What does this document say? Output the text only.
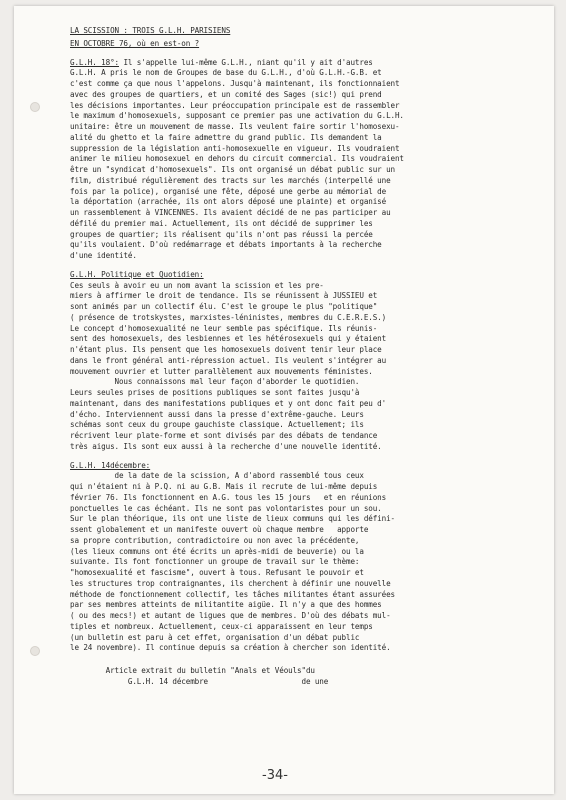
LA SCISSION : TROIS G.L.H. PARISIENS
EN OCTOBRE 76, où en est-on ?
G.L.H. 18°: Il s'appelle lui-même G.L.H., niant qu'il y ait d'autres
G.L.H. A pris le nom de Groupes de base du G.L.H., d'où G.L.H.-G.B. et
c'est comme ça que nous l'appelons. Jusqu'à maintenant, ils fonctionnaient
avec des groupes de quartiers, et un comité des Sages (sic!) qui prend
les décisions importantes. Leur préoccupation principale est de rassembler
le maximum d'homosexuels, supposant ce premier pas une activation du G.L.H.
unitaire: être un mouvement de masse. Ils veulent faire sortir l'homosexu-
alité du ghetto et la faire admettre du grand public. Ils demandent la
suppression de la législation anti-homosexuelle en vigueur. Ils voudraient
animer le milieu homosexuel en dehors du circuit commercial. Ils voudraient
être un "syndicat d'homosexuels". Ils ont organisé un débat public sur un
film, distribué régulièrement des tracts sur les marchés (interpellé une
fois par la police), organisé une fête, déposé une gerbe au mémorial de
la déportation (arrachée, ils ont alors déposé une plainte) et organisé
un rassemblement à VINCENNES. Ils avaient décidé de ne pas participer au
défilé du premier mai. Actuellement, ils ont décidé de supprimer les
groupes de quartier; ils réalisent qu'ils n'ont pas réussi la percée
qu'ils voulaient. D'où redémarrage et débats importants à la recherche
d'une identité.
G.L.H. Politique et Quotidien:
Ces seuls à avoir eu un nom avant la scission et les pre-
miers à affirmer le droit de tendance. Ils se réunissent à JUSSIEU et
sont animés par un collectif élu. C'est le groupe le plus "politique"
( présence de trotskystes, marxistes-léninistes, membres du C.E.R.E.S.)
Le concept d'homosexualité ne leur semble pas spécifique. Ils réunis-
sent des homosexuels, des lesbiennes et les hétérosexuels qui y étaient
n'étant plus. Ils pensent que les homosexuels doivent tenir leur place
dans le front général anti-répression actuel. Ils veulent s'intégrer au
mouvement ouvrier et lutter parallèlement aux mouvements féministes.
Nous connaissons mal leur façon d'aborder le quotidien.
Leurs seules prises de positions publiques se sont faites jusqu'à
maintenant, dans des manifestations publiques et y ont donc fait peu d'
d'écho. Interviennent aussi dans la presse d'extrême-gauche. Leurs
schémas sont ceux du groupe gauchiste classique. Actuellement; ils
récrivent leur plate-forme et sont divisés par des débats de tendance
très aigus. Ils sont eux aussi à la recherche d'une nouvelle identité.
G.L.H. 14décembre:
de la date de la scission, A d'abord rassemblé tous ceux
qui n'étaient ni à P.Q. ni au G.B. Mais il recrute de lui-même depuis
février 76. Ils fonctionnent en A.G. tous les 15 jours   et en réunions
ponctuelles le cas échéant. Ils ne sont pas volontaristes pour un sou.
Sur le plan théorique, ils ont une liste de lieux communs qui les défini-
ssent globalement et un manifeste ouvert où chaque membre   apporte
sa propre contribution, contradictoire ou non avec la précédente,
(les lieux communs ont été écrits un après-midi de beuverie) ou la
suivante. Ils font fonctionner un groupe de travail sur le thème:
"homosexualité et fascisme", ouvert à tous. Refusant le pouvoir et
les structures trop contraignantes, ils cherchent à définir une nouvelle
méthode de fonctionnement collectif, les tâches militantes étant assurées
par ses membres atteints de militantite aigüe. Il n'y a que des hommes
( ou des mecs!) et autant de ligues que de membres. D'où des débats mul-
tiples et nombreux. Actuellement, ceux-ci apparaissent en leur temps
(un bulletin est paru à cet effet, organisation d'un débat public
le 24 novembre). Il continue depuis sa création à chercher son identité.
Article extrait du bulletin "Anals et Véouls"du
G.L.H. 14 décembre                     de une
-34-
